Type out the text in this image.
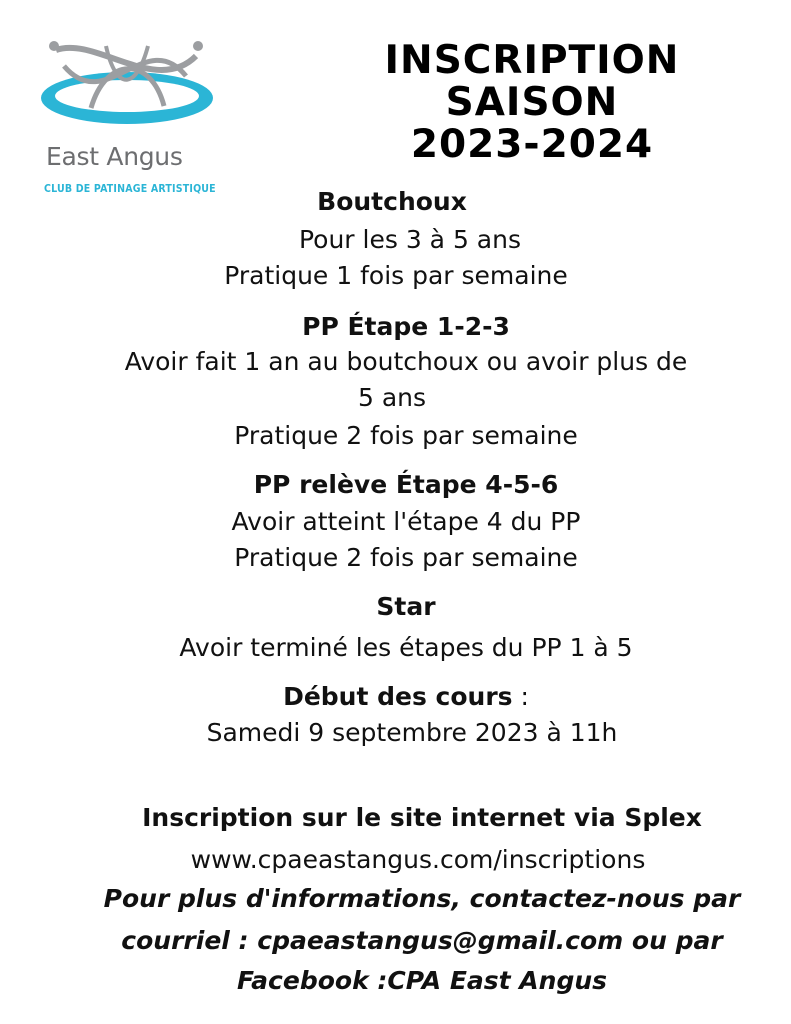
East Angus
CLUB DE PATINAGE ARTISTIQUE
INSCRIPTION
SAISON
2023-2024
Boutchoux
Pour les 3 à 5 ans
Pratique 1 fois par semaine
PP Étape 1-2-3
Avoir fait 1 an au boutchoux ou avoir plus de
5 ans
Pratique 2 fois par semaine
PP relève Étape 4-5-6
Avoir atteint l'étape 4 du PP
Pratique 2 fois par semaine
Star
Avoir terminé les étapes du PP 1 à 5
Début des cours :
Samedi 9 septembre 2023 à 11h
Inscription sur le site internet via Splex
www.cpaeastangus.com/inscriptions
Pour plus d'informations, contactez-nous par
courriel : cpaeastangus@gmail.com ou par
Facebook :CPA East Angus
